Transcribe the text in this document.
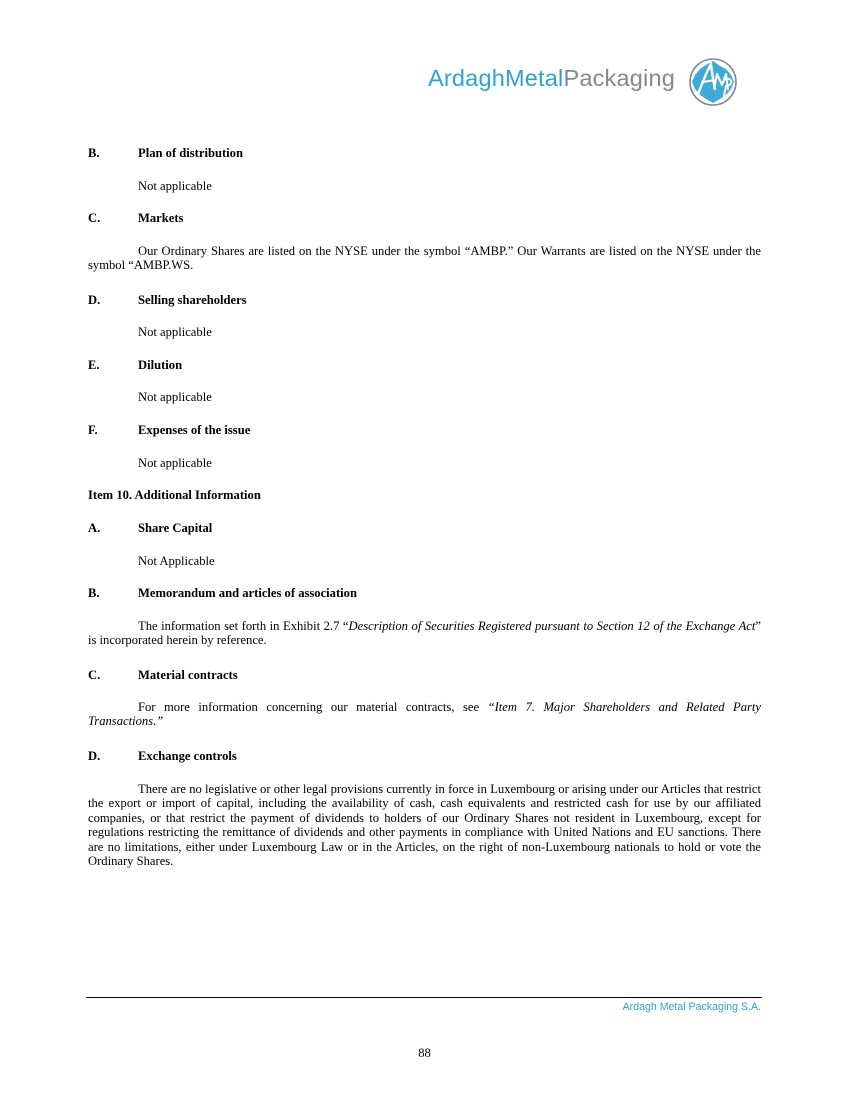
ArdaghMetalPackaging
B.	Plan of distribution
Not applicable
C.	Markets
Our Ordinary Shares are listed on the NYSE under the symbol “AMBP.” Our Warrants are listed on the NYSE under the symbol “AMBP.WS.
D.	Selling shareholders
Not applicable
E.	Dilution
Not applicable
F.	Expenses of the issue
Not applicable
Item 10. Additional Information
A.	Share Capital
Not Applicable
B.	Memorandum and articles of association
The information set forth in Exhibit 2.7 “Description of Securities Registered pursuant to Section 12 of the Exchange Act” is incorporated herein by reference.
C.	Material contracts
For more information concerning our material contracts, see “Item 7. Major Shareholders and Related Party Transactions.”
D.	Exchange controls
There are no legislative or other legal provisions currently in force in Luxembourg or arising under our Articles that restrict the export or import of capital, including the availability of cash, cash equivalents and restricted cash for use by our affiliated companies, or that restrict the payment of dividends to holders of our Ordinary Shares not resident in Luxembourg, except for regulations restricting the remittance of dividends and other payments in compliance with United Nations and EU sanctions. There are no limitations, either under Luxembourg Law or in the Articles, on the right of non-Luxembourg nationals to hold or vote the Ordinary Shares.
Ardagh Metal Packaging S.A.
88
